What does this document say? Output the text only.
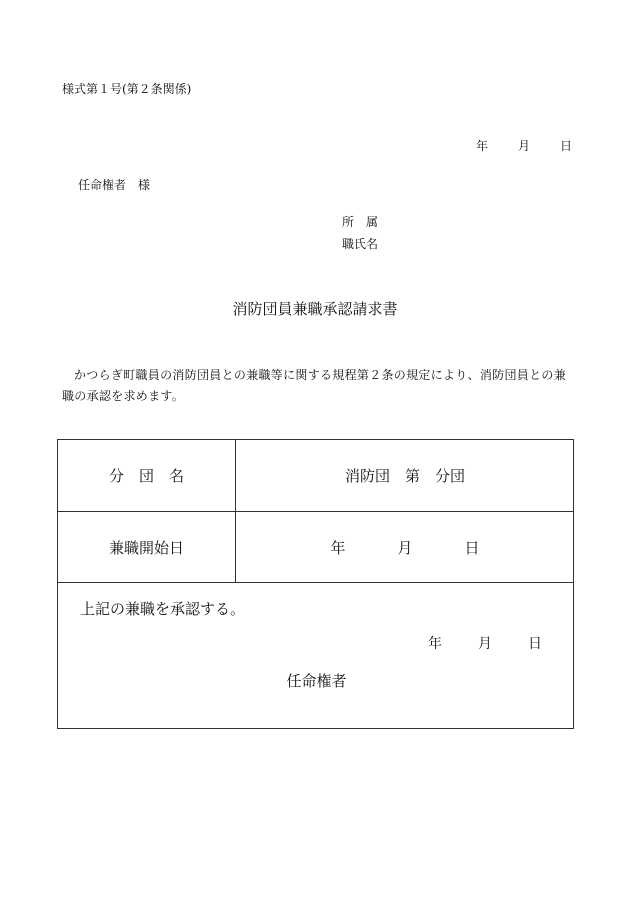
様式第１号(第２条関係)
年	月	日
任命権者　様
所　属
職氏名
消防団員兼職承認請求書
かつらぎ町職員の消防団員との兼職等に関する規程第２条の規定により、消防団員との兼職の承認を求めます。
分　団　名	消防団　第　分団
兼職開始日	年	月	日
上記の兼職を承認する。
年	月	日
任命権者
